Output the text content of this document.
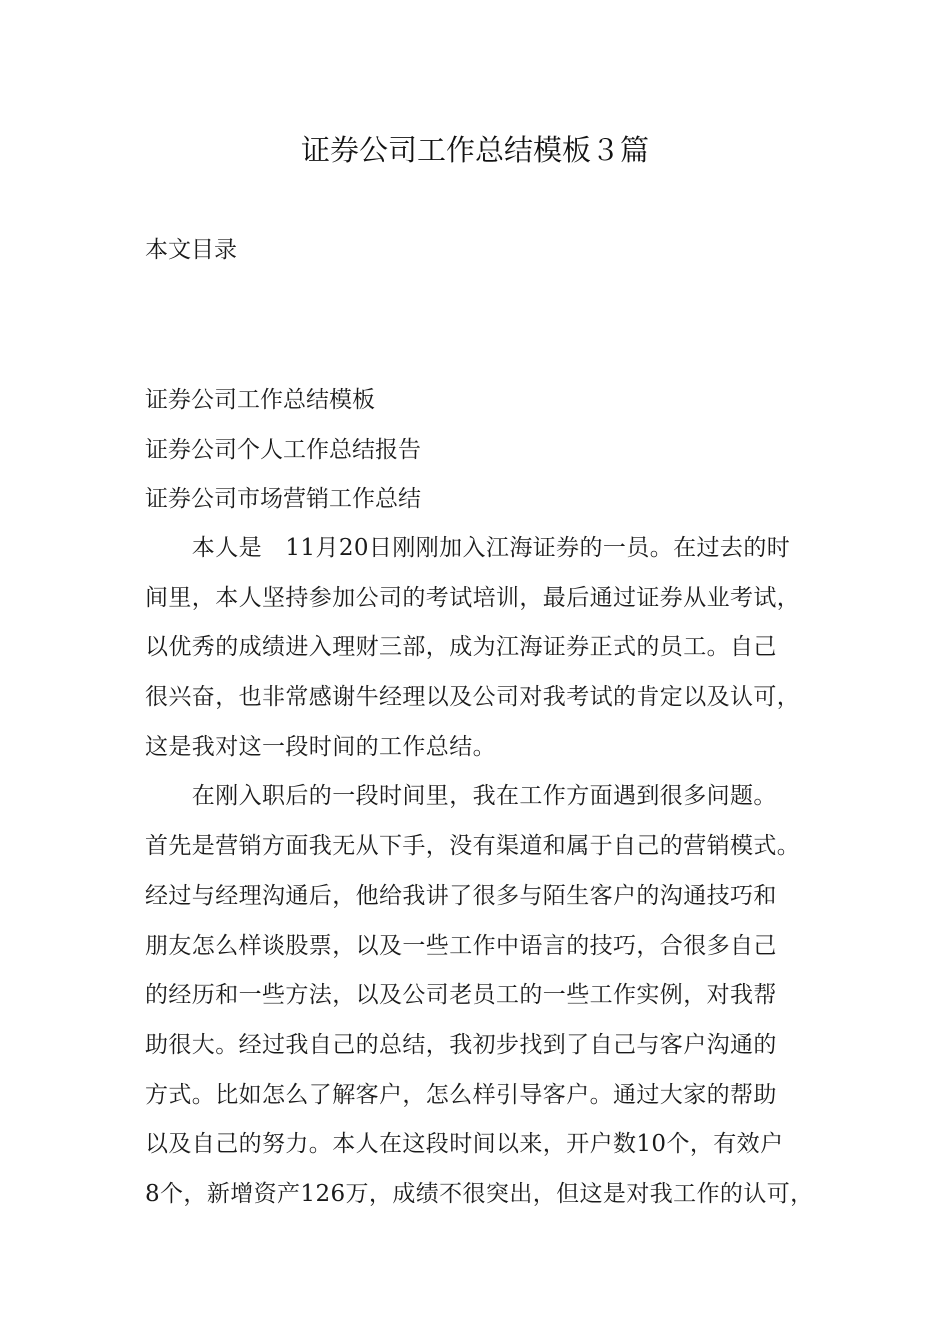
证券公司工作总结模板３篇
本文目录
证券公司工作总结模板
证券公司个人工作总结报告
证券公司市场营销工作总结
　　本人是　11月20日刚刚加入江海证券的一员。在过去的时
间里，本人坚持参加公司的考试培训，最后通过证券从业考试，
以优秀的成绩进入理财三部，成为江海证券正式的员工。自己
很兴奋，也非常感谢牛经理以及公司对我考试的肯定以及认可，
这是我对这一段时间的工作总结。
　　在刚入职后的一段时间里，我在工作方面遇到很多问题。
首先是营销方面我无从下手，没有渠道和属于自己的营销模式。
经过与经理沟通后，他给我讲了很多与陌生客户的沟通技巧和
朋友怎么样谈股票，以及一些工作中语言的技巧，合很多自己
的经历和一些方法，以及公司老员工的一些工作实例，对我帮
助很大。经过我自己的总结，我初步找到了自己与客户沟通的
方式。比如怎么了解客户，怎么样引导客户。通过大家的帮助
以及自己的努力。本人在这段时间以来，开户数10个，有效户
8个，新增资产126万，成绩不很突出，但这是对我工作的认可，
